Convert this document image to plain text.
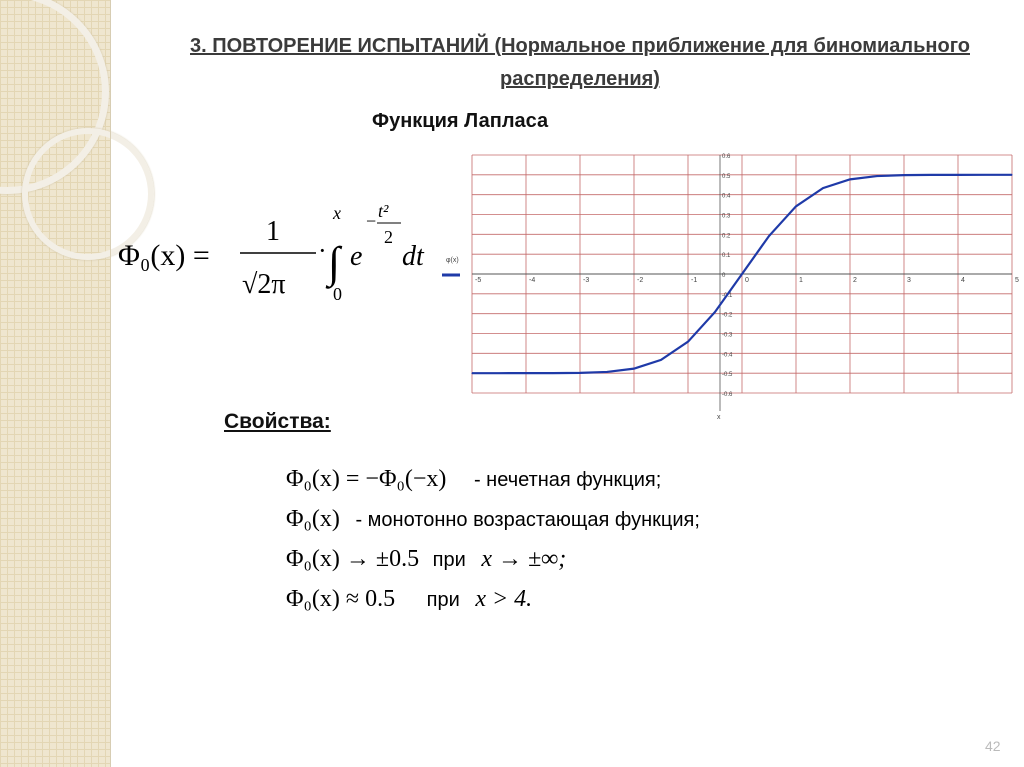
3. ПОВТОРЕНИЕ ИСПЫТАНИЙ (Нормальное приближение для биномиального распределения)
Функция Лапласа
Φ₀(x) =
1
√2π
·
x
∫
0
e
− t²
2
dt
-5	-4	-3	-2	-1	0	1	2	3	4	5
-0.6
-0.5
-0.4
-0.3
-0.2
-0.1
0
0.1
0.2
0.3
0.4
0.5
0.6
φ(x)
x
Свойства:
Φ₀(x) = −Φ₀(−x) - нечетная функция;
Φ₀(x) - монотонно возрастающая функция;
Φ₀(x) → ±0.5 при x → ±∞;
Φ₀(x) ≈ 0.5 при x > 4.
42
